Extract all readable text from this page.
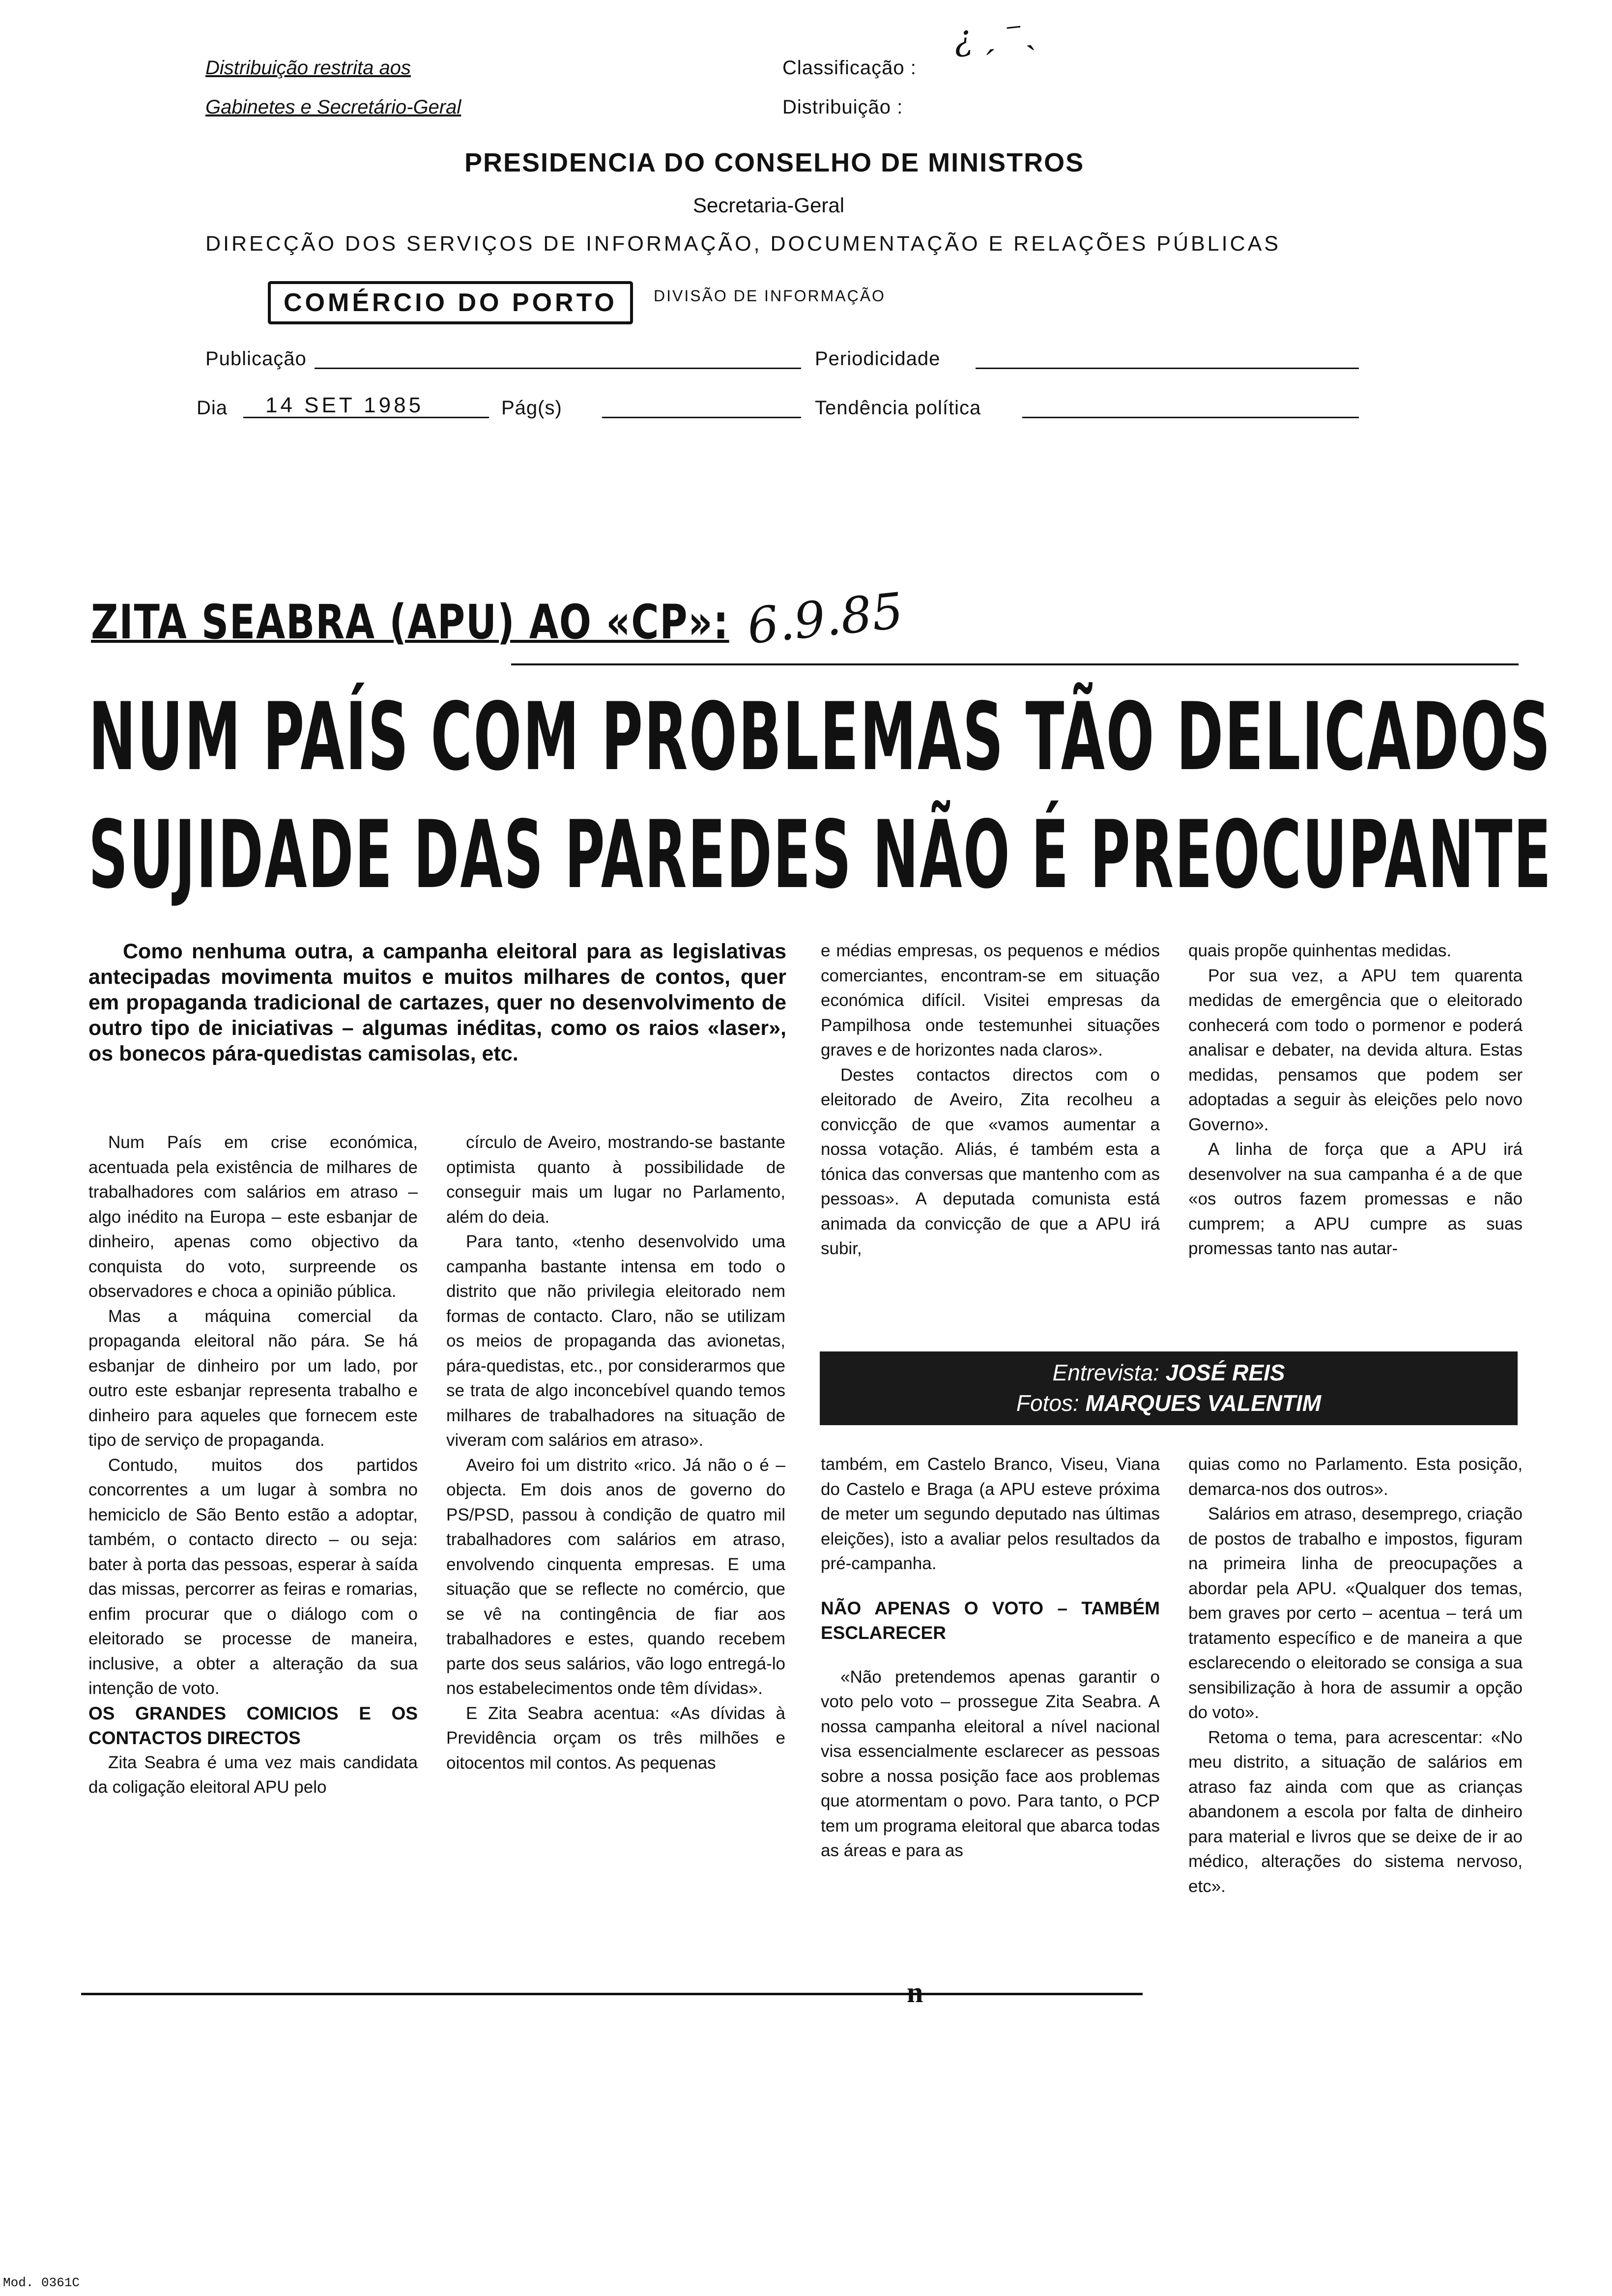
Distribuição restrita aos
Gabinetes e Secretário-Geral
Classificação :
Distribuição :
¿ ˏ ⁻ˎ
PRESIDENCIA DO CONSELHO DE MINISTROS
Secretaria-Geral
DIRECÇÃO DOS SERVIÇOS DE INFORMAÇÃO, DOCUMENTAÇÃO E RELAÇÕES PÚBLICAS
COMÉRCIO DO PORTO	DIVISÃO DE INFORMAÇÃO
Publicação	Periodicidade
Dia 14 SET 1985	Pág(s)	Tendência política
ZITA SEABRA (APU) AO «CP»: 6.9.85
NUM PAÍS COM PROBLEMAS TÃO DELICADOS
SUJIDADE DAS PAREDES NÃO É PREOCUPANTE
Como nenhuma outra, a campanha eleitoral para as legislativas antecipadas movimenta muitos e muitos milhares de contos, quer em propaganda tradicional de cartazes, quer no desenvolvimento de outro tipo de iniciativas – algumas inéditas, como os raios «laser», os bonecos pára-quedistas camisolas, etc.

Num País em crise económica, acentuada pela existência de milhares de trabalhadores com salários em atraso – algo inédito na Europa – este esbanjar de dinheiro, apenas como objectivo da conquista do voto, surpreende os observadores e choca a opinião pública.

Mas a máquina comercial da propaganda eleitoral não pára. Se há esbanjar de dinheiro por um lado, por outro este esbanjar representa trabalho e dinheiro para aqueles que fornecem este tipo de serviço de propaganda.

Contudo, muitos dos partidos concorrentes a um lugar à sombra no hemiciclo de São Bento estão a adoptar, também, o contacto directo – ou seja: bater à porta das pessoas, esperar à saída das missas, percorrer as feiras e romarias, enfim procurar que o diálogo com o eleitorado se processe de maneira, inclusive, a obter a alteração da sua intenção de voto.

OS GRANDES COMICIOS E OS CONTACTOS DIRECTOS

Zita Seabra é uma vez mais candidata da coligação eleitoral APU pelo

círculo de Aveiro, mostrando-se bastante optimista quanto à possibilidade de conseguir mais um lugar no Parlamento, além do deia.

Para tanto, «tenho desenvolvido uma campanha bastante intensa em todo o distrito que não privilegia eleitorado nem formas de contacto. Claro, não se utilizam os meios de propaganda das avionetas, pára-quedistas, etc., por considerarmos que se trata de algo inconcebível quando temos milhares de trabalhadores na situação de viveram com salários em atraso».

Aveiro foi um distrito «rico. Já não o é – objecta. Em dois anos de governo do PS/PSD, passou à condição de quatro mil trabalhadores com salários em atraso, envolvendo cinquenta empresas. E uma situação que se reflecte no comércio, que se vê na contingência de fiar aos trabalhadores e estes, quando recebem parte dos seus salários, vão logo entregá-lo nos estabelecimentos onde têm dívidas».

E Zita Seabra acentua: «As dívidas à Previdência orçam os três milhões e oitocentos mil contos. As pequenas

e médias empresas, os pequenos e médios comerciantes, encontram-se em situação económica difícil. Visitei empresas da Pampilhosa onde testemunhei situações graves e de horizontes nada claros».

Destes contactos directos com o eleitorado de Aveiro, Zita recolheu a convicção de que «vamos aumentar a nossa votação. Aliás, é também esta a tónica das conversas que mantenho com as pessoas». A deputada comunista está animada da convicção de que a APU irá subir,

quais propõe quinhentas medidas.

Por sua vez, a APU tem quarenta medidas de emergência que o eleitorado conhecerá com todo o pormenor e poderá analisar e debater, na devida altura. Estas medidas, pensamos que podem ser adoptadas a seguir às eleições pelo novo Governo».

A linha de força que a APU irá desenvolver na sua campanha é a de que «os outros fazem promessas e não cumprem; a APU cumpre as suas promessas tanto nas autar-

Entrevista: JOSÉ REIS
Fotos: MARQUES VALENTIM

também, em Castelo Branco, Viseu, Viana do Castelo e Braga (a APU esteve próxima de meter um segundo deputado nas últimas eleições), isto a avaliar pelos resultados da pré-campanha.

NÃO APENAS O VOTO – TAMBÉM ESCLARECER

«Não pretendemos apenas garantir o voto pelo voto – prossegue Zita Seabra. A nossa campanha eleitoral a nível nacional visa essencialmente esclarecer as pessoas sobre a nossa posição face aos problemas que atormentam o povo. Para tanto, o PCP tem um programa eleitoral que abarca todas as áreas e para as

quias como no Parlamento. Esta posição, demarca-nos dos outros».

Salários em atraso, desemprego, criação de postos de trabalho e impostos, figuram na primeira linha de preocupações a abordar pela APU. «Qualquer dos temas, bem graves por certo – acentua – terá um tratamento específico e de maneira a que esclarecendo o eleitorado se consiga a sua sensibilização à hora de assumir a opção do voto».

Retoma o tema, para acrescentar: «No meu distrito, a situação de salários em atraso faz ainda com que as crianças abandonem a escola por falta de dinheiro para material e livros que se deixe de ir ao médico, alterações do sistema nervoso, etc».

n
Mod. 0361C
